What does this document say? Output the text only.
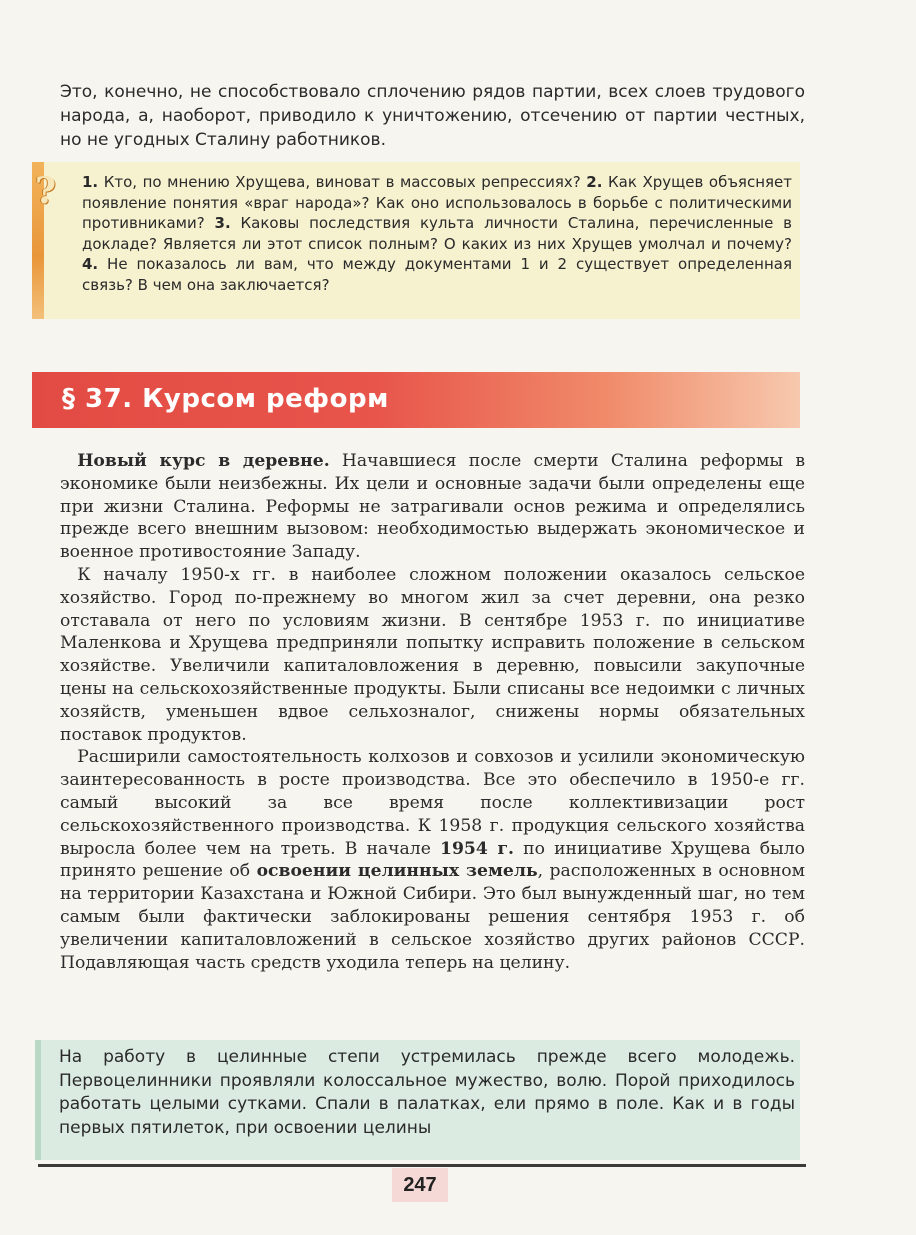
Это, конечно, не способствовало сплочению рядов партии, всех слоев трудового народа, а, наоборот, приводило к уничтожению, отсечению от партии честных, но не угодных Сталину работников.
?	1. Кто, по мнению Хрущева, виноват в массовых репрессиях? 2. Как Хрущев объясняет появление понятия «враг народа»? Как оно использовалось в борьбе с политическими противниками? 3. Каковы последствия культа личности Сталина, перечисленные в докладе? Является ли этот список полным? О каких из них Хрущев умолчал и почему? 4. Не показалось ли вам, что между документами 1 и 2 существует определенная связь? В чем она заключается?
§ 37. Курсом реформ

 Новый курс в деревне. Начавшиеся после смерти Сталина реформы в экономике были неизбежны. Их цели и основные задачи были определены еще при жизни Сталина. Реформы не затрагивали основ режима и определялись прежде всего внешним вызовом: необходимостью выдержать экономическое и военное противостояние Западу.

 К началу 1950-х гг. в наиболее сложном положении оказалось сельское хозяйство. Город по-прежнему во многом жил за счет деревни, она резко отставала от него по условиям жизни. В сентябре 1953 г. по инициативе Маленкова и Хрущева предприняли попытку исправить положение в сельском хозяйстве. Увеличили капиталовложения в деревню, повысили закупочные цены на сельскохозяйственные продукты. Были списаны все недоимки с личных хозяйств, уменьшен вдвое сельхозналог, снижены нормы обязательных поставок продуктов.

 Расширили самостоятельность колхозов и совхозов и усилили экономическую заинтересованность в росте производства. Все это обеспечило в 1950-е гг. самый высокий за все время после коллективизации рост сельскохозяйственного производства. К 1958 г. продукция сельского хозяйства выросла более чем на треть. В начале 1954 г. по инициативе Хрущева было принято решение об освоении целинных земель, расположенных в основном на территории Казахстана и Южной Сибири. Это был вынужденный шаг, но тем самым были фактически заблокированы решения сентября 1953 г. об увеличении капиталовложений в сельское хозяйство других районов СССР. Подавляющая часть средств уходила теперь на целину.

На работу в целинные степи устремилась прежде всего молодежь. Первоцелинники проявляли колоссальное мужество, волю. Порой приходилось работать целыми сутками. Спали в палатках, ели прямо в поле. Как и в годы первых пятилеток, при освоении целины
247
